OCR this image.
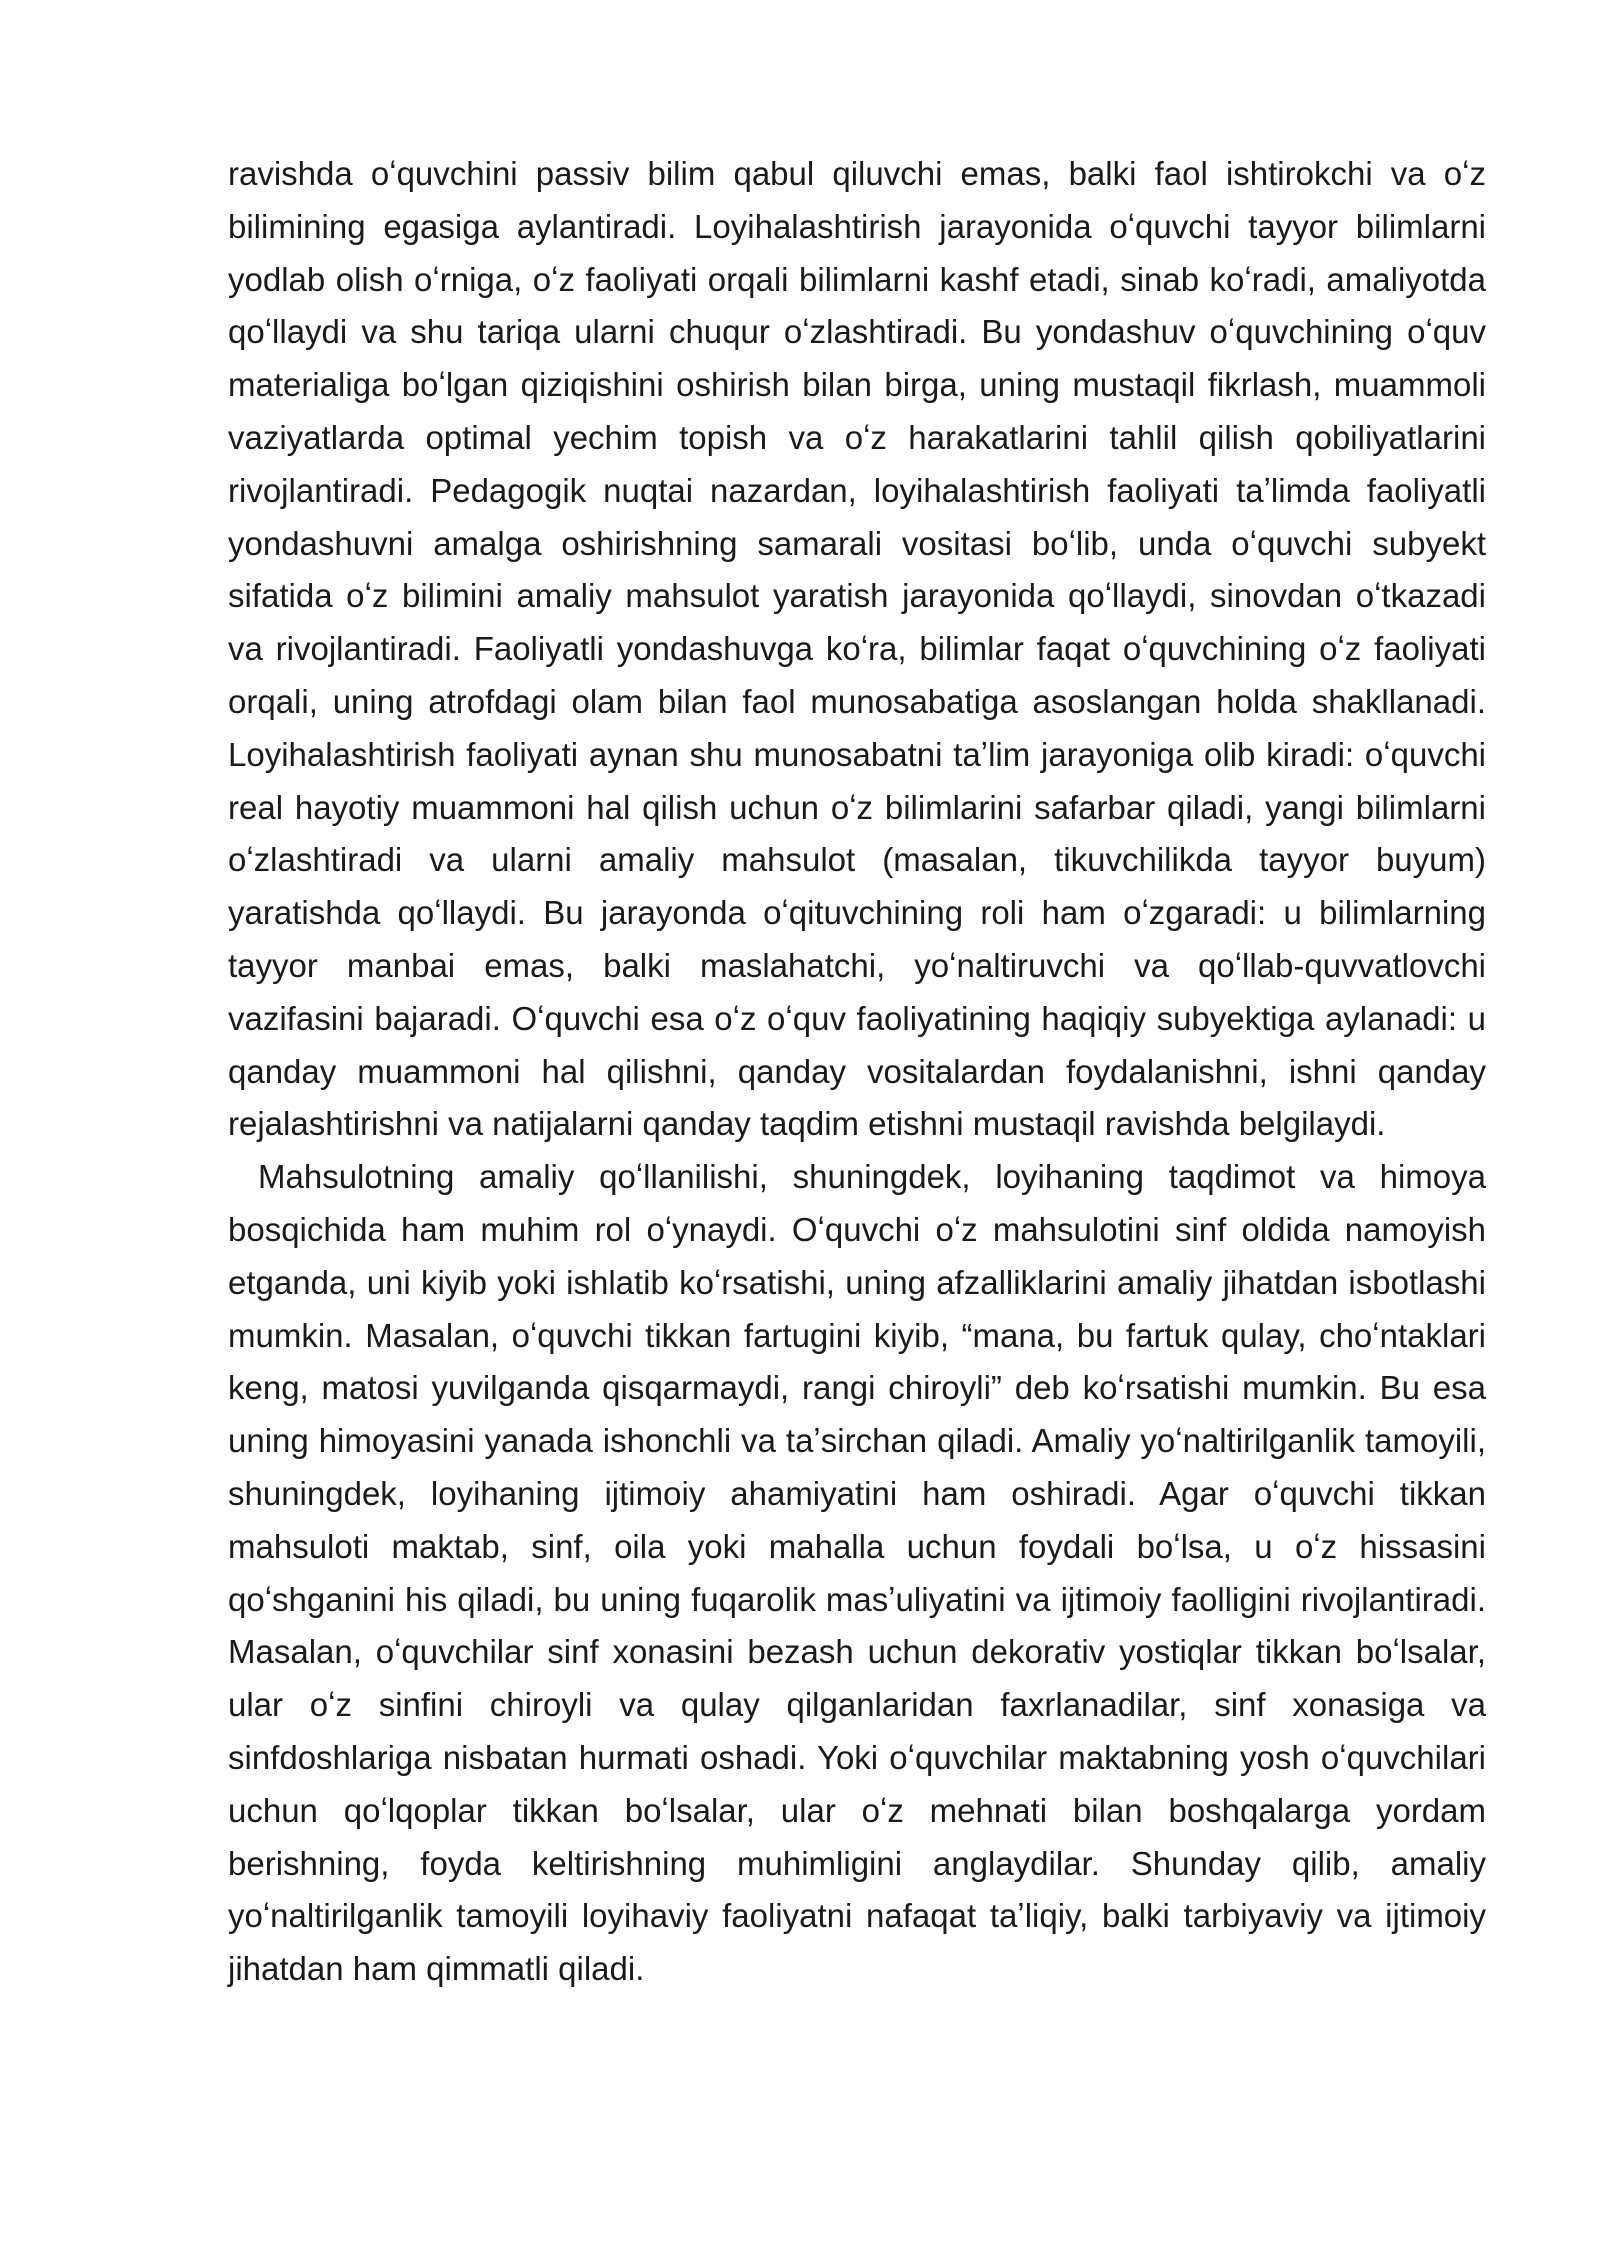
ravishda oʻquvchini passiv bilim qabul qiluvchi emas, balki faol ishtirokchi va oʻz bilimining egasiga aylantiradi. Loyihalashtirish jarayonida oʻquvchi tayyor bilimlarni yodlab olish oʻrniga, oʻz faoliyati orqali bilimlarni kashf etadi, sinab koʻradi, amaliyotda qoʻllaydi va shu tariqa ularni chuqur oʻzlashtiradi. Bu yondashuv oʻquvchining oʻquv materialiga boʻlgan qiziqishini oshirish bilan birga, uning mustaqil fikrlash, muammoli vaziyatlarda optimal yechim topish va oʻz harakatlarini tahlil qilish qobiliyatlarini rivojlantiradi. Pedagogik nuqtai nazardan, loyihalashtirish faoliyati taʼlimda faoliyatli yondashuvni amalga oshirishning samarali vositasi boʻlib, unda oʻquvchi subyekt sifatida oʻz bilimini amaliy mahsulot yaratish jarayonida qoʻllaydi, sinovdan oʻtkazadi va rivojlantiradi. Faoliyatli yondashuvga koʻra, bilimlar faqat oʻquvchining oʻz faoliyati orqali, uning atrofdagi olam bilan faol munosabatiga asoslangan holda shakllanadi. Loyihalashtirish faoliyati aynan shu munosabatni taʼlim jarayoniga olib kiradi: oʻquvchi real hayotiy muammoni hal qilish uchun oʻz bilimlarini safarbar qiladi, yangi bilimlarni oʻzlashtiradi va ularni amaliy mahsulot (masalan, tikuvchilikda tayyor buyum) yaratishda qoʻllaydi. Bu jarayonda oʻqituvchining roli ham oʻzgaradi: u bilimlarning tayyor manbai emas, balki maslahatchi, yoʻnaltiruvchi va qoʻllab-quvvatlovchi vazifasini bajaradi. Oʻquvchi esa oʻz oʻquv faoliyatining haqiqiy subyektiga aylanadi: u qanday muammoni hal qilishni, qanday vositalardan foydalanishni, ishni qanday rejalashtirishni va natijalarni qanday taqdim etishni mustaqil ravishda belgilaydi.

Mahsulotning amaliy qoʻllanilishi, shuningdek, loyihaning taqdimot va himoya bosqichida ham muhim rol oʻynaydi. Oʻquvchi oʻz mahsulotini sinf oldida namoyish etganda, uni kiyib yoki ishlatib koʻrsatishi, uning afzalliklarini amaliy jihatdan isbotlashi mumkin. Masalan, oʻquvchi tikkan fartugini kiyib, “mana, bu fartuk qulay, choʻntaklari keng, matosi yuvilganda qisqarmaydi, rangi chiroyli” deb koʻrsatishi mumkin. Bu esa uning himoyasini yanada ishonchli va taʼsirchan qiladi. Amaliy yoʻnaltirilganlik tamoyili, shuningdek, loyihaning ijtimoiy ahamiyatini ham oshiradi. Agar oʻquvchi tikkan mahsuloti maktab, sinf, oila yoki mahalla uchun foydali boʻlsa, u oʻz hissasini qoʻshganini his qiladi, bu uning fuqarolik masʼuliyatini va ijtimoiy faolligini rivojlantiradi. Masalan, oʻquvchilar sinf xonasini bezash uchun dekorativ yostiqlar tikkan boʻlsalar, ular oʻz sinfini chiroyli va qulay qilganlaridan faxrlanadilar, sinf xonasiga va sinfdoshlariga nisbatan hurmati oshadi. Yoki oʻquvchilar maktabning yosh oʻquvchilari uchun qoʻlqoplar tikkan boʻlsalar, ular oʻz mehnati bilan boshqalarga yordam berishning, foyda keltirishning muhimligini anglaydilar. Shunday qilib, amaliy yoʻnaltirilganlik tamoyili loyihaviy faoliyatni nafaqat taʼliqiy, balki tarbiyaviy va ijtimoiy jihatdan ham qimmatli qiladi.
